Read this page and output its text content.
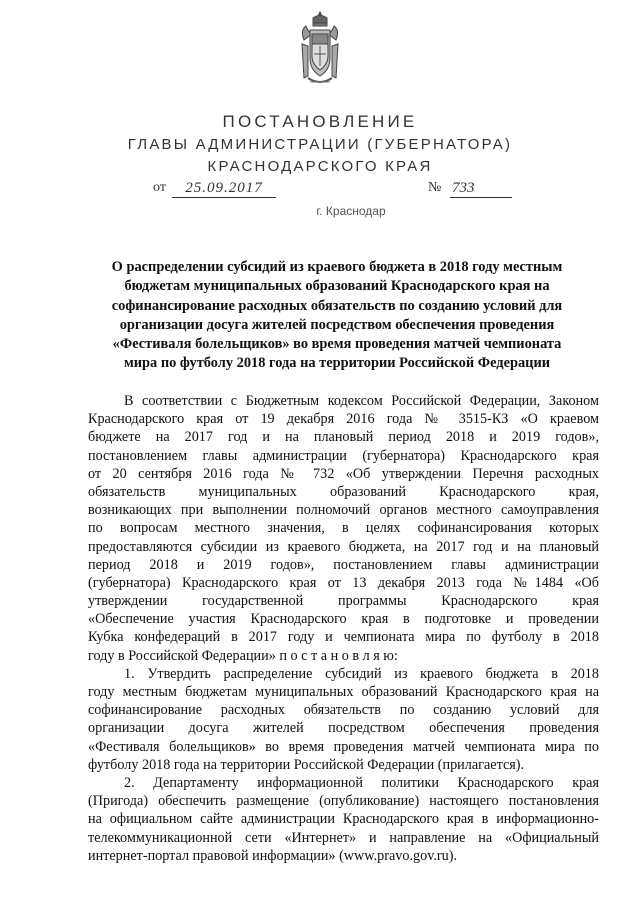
ПОСТАНОВЛЕНИЕ
ГЛАВЫ АДМИНИСТРАЦИИ (ГУБЕРНАТОРА)
КРАСНОДАРСКОГО КРАЯ
от	25.09.2017	№ 733
г. Краснодар
О распределении субсидий из краевого бюджета в 2018 году местным
бюджетам муниципальных образований Краснодарского края на
софинансирование расходных обязательств по созданию условий для
организации досуга жителей посредством обеспечения проведения
«Фестиваля болельщиков» во время проведения матчей чемпионата
мира по футболу 2018 года на территории Российской Федерации
В соответствии с Бюджетным кодексом Российской Федерации, Законом
Краснодарского края от 19 декабря 2016 года № 3515-КЗ «О краевом
бюджете на 2017 год и на плановый период 2018 и 2019 годов»,
постановлением главы администрации (губернатора) Краснодарского края
от 20 сентября 2016 года № 732 «Об утверждении Перечня расходных
обязательств муниципальных образований Краснодарского края,
возникающих при выполнении полномочий органов местного самоуправления
по вопросам местного значения, в целях софинансирования которых
предоставляются субсидии из краевого бюджета, на 2017 год и на плановый
период 2018 и 2019 годов», постановлением главы администрации
(губернатора) Краснодарского края от 13 декабря 2013 года №1484 «Об
утверждении государственной программы Краснодарского края
«Обеспечение участия Краснодарского края в подготовке и проведении
Кубка конфедераций в 2017 году и чемпионата мира по футболу в 2018
году в Российской Федерации» п о с т а н о в л я ю:
1. Утвердить распределение субсидий из краевого бюджета в 2018
году местным бюджетам муниципальных образований Краснодарского края на
софинансирование расходных обязательств по созданию условий для
организации досуга жителей посредством обеспечения проведения
«Фестиваля болельщиков» во время проведения матчей чемпионата мира по
футболу 2018 года на территории Российской Федерации (прилагается).
2. Департаменту информационной политики Краснодарского края
(Пригода) обеспечить размещение (опубликование) настоящего постановления
на официальном сайте администрации Краснодарского края в информационно-
телекоммуникационной сети «Интернет» и направление на «Официальный
интернет-портал правовой информации» (www.pravo.gov.ru).
